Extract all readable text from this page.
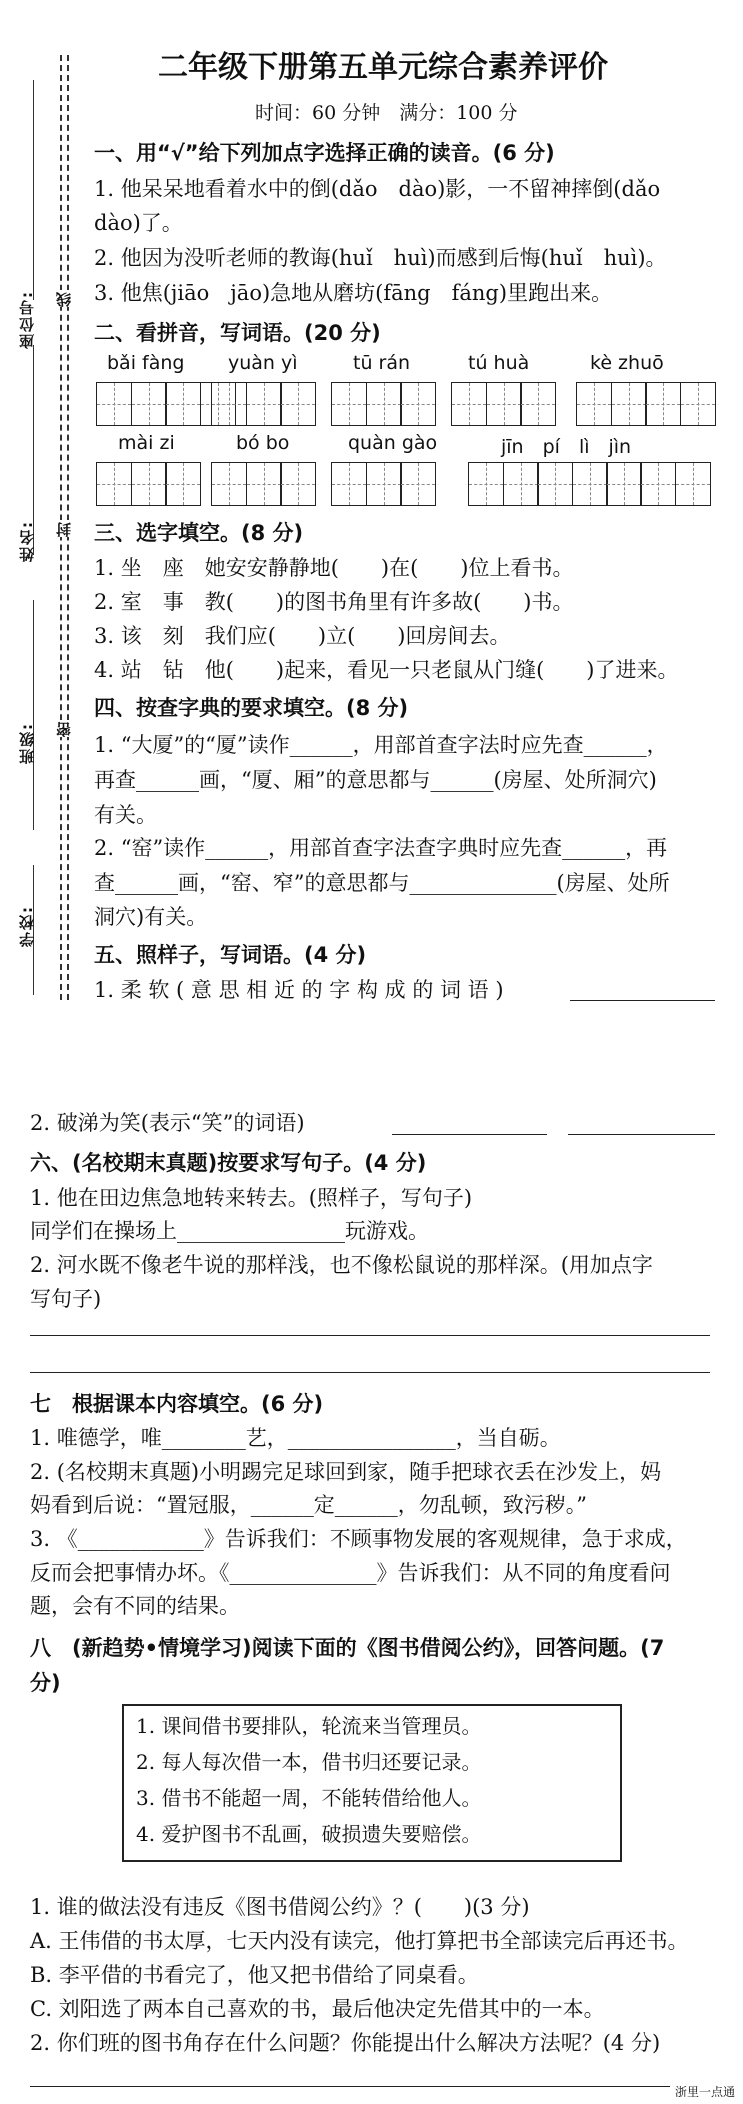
座位号:
姓名:
班级:
学校:
线
封
密
二年级下册第五单元综合素养评价
时间：60 分钟　满分：100 分
一、用“√”给下列加点字选择正确的读音。(6 分)
1. 他呆呆地看着水中的倒(dǎo　dào)影，一不留神摔倒(dǎo
dào)了。
2. 他因为没听老师的教诲(huǐ　huì)而感到后悔(huǐ　huì)。
3. 他焦(jiāo　jāo)急地从磨坊(fāng　fáng)里跑出来。
二、看拼音，写词语。(20 分)
bǎi fàng yuàn yì	tū rán	tú huà	kè zhuō
mài zi	bó bo	quàn gào	jīn　pí　lì　jìn
三、选字填空。(8 分)
1. 坐　座　她安安静静地(　　)在(　　)位上看书。
2. 室　事　教(　　)的图书角里有许多故(　　)书。
3. 该　刻　我们应(　　)立(　　)回房间去。
4. 站　钻　他(　　)起来，看见一只老鼠从门缝(　　)了进来。
四、按查字典的要求填空。(8 分)
1. “大厦”的“厦”读作______，用部首查字法时应先查______，
再查______画，“厦、厢”的意思都与______(房屋、处所洞穴)
有关。
2. “窑”读作______，用部首查字法查字典时应先查______，再
查______画，“窑、窄”的意思都与______________(房屋、处所
洞穴)有关。
五、照样子，写词语。(4 分)
1. 柔 软 ( 意 思 相 近 的 字 构 成 的 词 语 )
2. 破涕为笑(表示“笑”的词语)
六、(名校期末真题)按要求写句子。(4 分)
1. 他在田边焦急地转来转去。(照样子，写句子)
同学们在操场上________________玩游戏。
2. 河水既不像老牛说的那样浅，也不像松鼠说的那样深。(用加点字
写句子)
七　根据课本内容填空。(6 分)
1. 唯德学，唯________艺，________________，当自砺。
2. (名校期末真题)小明踢完足球回到家，随手把球衣丢在沙发上，妈
妈看到后说：“置冠服，______定______，勿乱顿，致污秽。”
3. 《____________》告诉我们：不顾事物发展的客观规律，急于求成，
反而会把事情办坏。《______________》告诉我们：从不同的角度看问
题，会有不同的结果。
八　(新趋势•情境学习)阅读下面的《图书借阅公约》，回答问题。(7
分)
1. 课间借书要排队，轮流来当管理员。
2. 每人每次借一本，借书归还要记录。
3. 借书不能超一周，不能转借给他人。
4. 爱护图书不乱画，破损遗失要赔偿。
1. 谁的做法没有违反《图书借阅公约》？(　　)(3 分)
A. 王伟借的书太厚，七天内没有读完，他打算把书全部读完后再还书。
B. 李平借的书看完了，他又把书借给了同桌看。
C. 刘阳选了两本自己喜欢的书，最后他决定先借其中的一本。
2. 你们班的图书角存在什么问题？你能提出什么解决方法呢？(4 分)
浙里一点通
